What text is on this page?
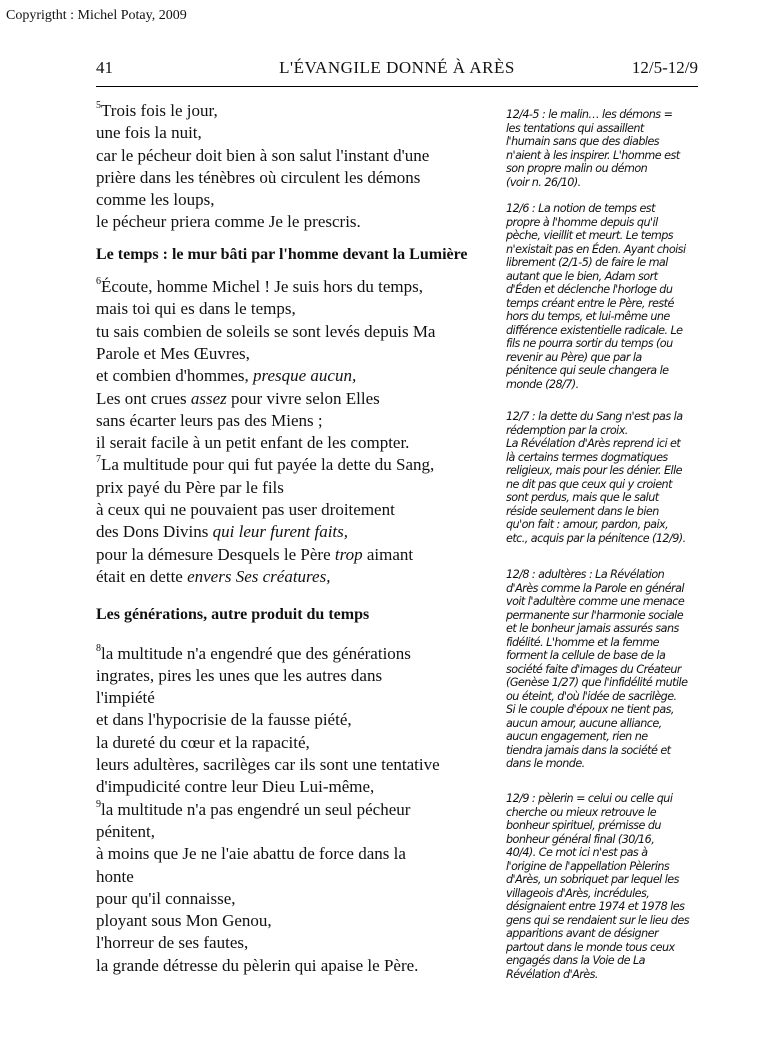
Copyrigtht : Michel Potay, 2009
41	L'ÉVANGILE DONNÉ À ARÈS	12/5-12/9
$^5$Trois fois le jour,
une fois la nuit,
car le pécheur doit bien à son salut l'instant d'une
prière dans les ténèbres où circulent les démons
comme les loups,
le pécheur priera comme Je le prescris.
Le temps : le mur bâti par l'homme devant la Lumière
$^6$Écoute, homme Michel ! Je suis hors du temps,
mais toi qui es dans le temps,
tu sais combien de soleils se sont levés depuis Ma
Parole et Mes Œuvres,
et combien d'hommes, presque aucun,
Les ont crues assez pour vivre selon Elles
sans écarter leurs pas des Miens ;
il serait facile à un petit enfant de les compter.
$^7$La multitude pour qui fut payée la dette du Sang,
prix payé du Père par le fils
à ceux qui ne pouvaient pas user droitement
des Dons Divins qui leur furent faits,
pour la démesure Desquels le Père trop aimant
était en dette envers Ses créatures,
Les générations, autre produit du temps
$^8$la multitude n'a engendré que des générations
ingrates, pires les unes que les autres dans
l'impiété
et dans l'hypocrisie de la fausse piété,
la dureté du cœur et la rapacité,
leurs adultères, sacrilèges car ils sont une tentative
d'impudicité contre leur Dieu Lui-même,
$^9$la multitude n'a pas engendré un seul pécheur
pénitent,
à moins que Je ne l'aie abattu de force dans la
honte
pour qu'il connaisse,
ployant sous Mon Genou,
l'horreur de ses fautes,
la grande détresse du pèlerin qui apaise le Père.
12/4-5 : le malin… les démons =
les tentations qui assaillent
l'humain sans que des diables
n'aient à les inspirer. L'homme est
son propre malin ou démon
(voir n. 26/10).
12/6 : La notion de temps est
propre à l'homme depuis qu'il
pèche, vieillit et meurt. Le temps
n'existait pas en Éden. Ayant choisi
librement (2/1-5) de faire le mal
autant que le bien, Adam sort
d'Éden et déclenche l'horloge du
temps créant entre le Père, resté
hors du temps, et lui-même une
différence existentielle radicale. Le
fils ne pourra sortir du temps (ou
revenir au Père) que par la
pénitence qui seule changera le
monde (28/7).
12/7 : la dette du Sang n'est pas la
rédemption par la croix.
La Révélation d'Arès reprend ici et
là certains termes dogmatiques
religieux, mais pour les dénier. Elle
ne dit pas que ceux qui y croient
sont perdus, mais que le salut
réside seulement dans le bien
qu'on fait : amour, pardon, paix,
etc., acquis par la pénitence (12/9).
12/8 : adultères : La Révélation
d'Arès comme la Parole en général
voit l'adultère comme une menace
permanente sur l'harmonie sociale
et le bonheur jamais assurés sans
fidélité. L'homme et la femme
forment la cellule de base de la
société faite d'images du Créateur
(Genèse 1/27) que l'infidélité mutile
ou éteint, d'où l'idée de sacrilège.
Si le couple d'époux ne tient pas,
aucun amour, aucune alliance,
aucun engagement, rien ne
tiendra jamais dans la société et
dans le monde.
12/9 : pèlerin = celui ou celle qui
cherche ou mieux retrouve le
bonheur spirituel, prémisse du
bonheur général final (30/16,
40/4). Ce mot ici n'est pas à
l'origine de l'appellation Pèlerins
d'Arès, un sobriquet par lequel les
villageois d'Arès, incrédules,
désignaient entre 1974 et 1978 les
gens qui se rendaient sur le lieu des
apparitions avant de désigner
partout dans le monde tous ceux
engagés dans la Voie de La
Révélation d'Arès.
